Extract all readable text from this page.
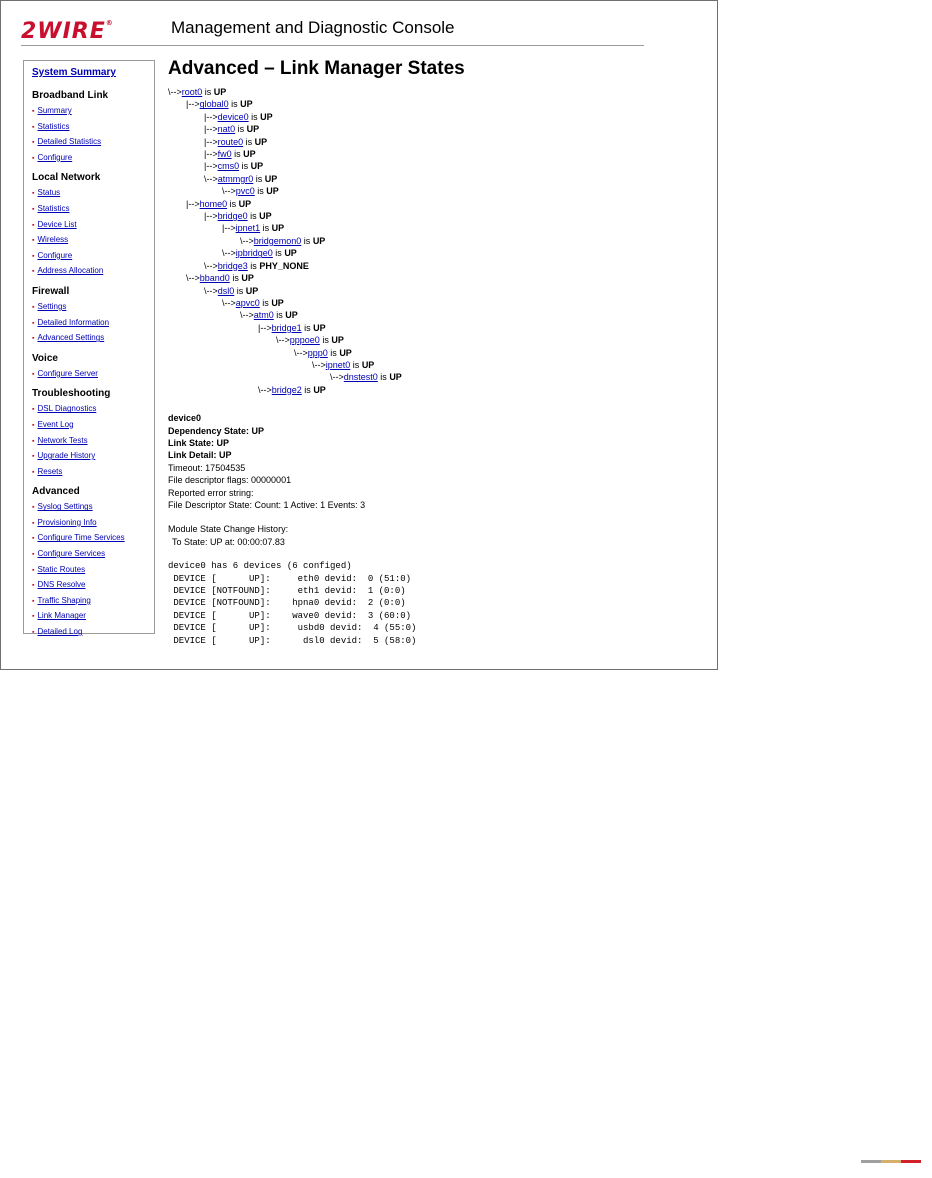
2WIRE®	Management and Diagnostic Console
System Summary
Broadband Link
▪ Summary
▪ Statistics
▪ Detailed Statistics
▪ Configure
Local Network
▪ Status
▪ Statistics
▪ Device List
▪ Wireless
▪ Configure
▪ Address Allocation
Firewall
▪ Settings
▪ Detailed Information
▪ Advanced Settings
Voice
▪ Configure Server
Troubleshooting
▪ DSL Diagnostics
▪ Event Log
▪ Network Tests
▪ Upgrade History
▪ Resets
Advanced
▪ Syslog Settings
▪ Provisioning Info
▪ Configure Time Services
▪ Configure Services
▪ Static Routes
▪ DNS Resolve
▪ Traffic Shaping
▪ Link Manager
▪ Detailed Log
Advanced – Link Manager States
\-->root0 is UP
|-->global0 is UP
|-->device0 is UP
|-->nat0 is UP
|-->route0 is UP
|-->fw0 is UP
|-->cms0 is UP
\-->atmmgr0 is UP
\-->pvc0 is UP
|-->home0 is UP
|-->bridge0 is UP
|-->ipnet1 is UP
\-->bridgemon0 is UP
\-->ipbridge0 is UP
\-->bridge3 is PHY_NONE
\-->bband0 is UP
\-->dsl0 is UP
\-->apvc0 is UP
\-->atm0 is UP
|-->bridge1 is UP
\-->pppoe0 is UP
\-->ppp0 is UP
\-->ipnet0 is UP
\-->dnstest0 is UP
\-->bridge2 is UP
device0
Dependency State: UP
Link State: UP
Link Detail: UP
Timeout: 17504535
File descriptor flags: 00000001
Reported error string:
File Descriptor State: Count: 1 Active: 1 Events: 3
Module State Change History:
To State: UP at: 00:00:07.83
device0 has 6 devices (6 configed)
DEVICE [      UP]:     eth0 devid:  0 (51:0)
DEVICE [NOTFOUND]:     eth1 devid:  1 (0:0)
DEVICE [NOTFOUND]:    hpna0 devid:  2 (0:0)
DEVICE [      UP]:    wave0 devid:  3 (60:0)
DEVICE [      UP]:     usbd0 devid:  4 (55:0)
DEVICE [      UP]:      dsl0 devid:  5 (58:0)
